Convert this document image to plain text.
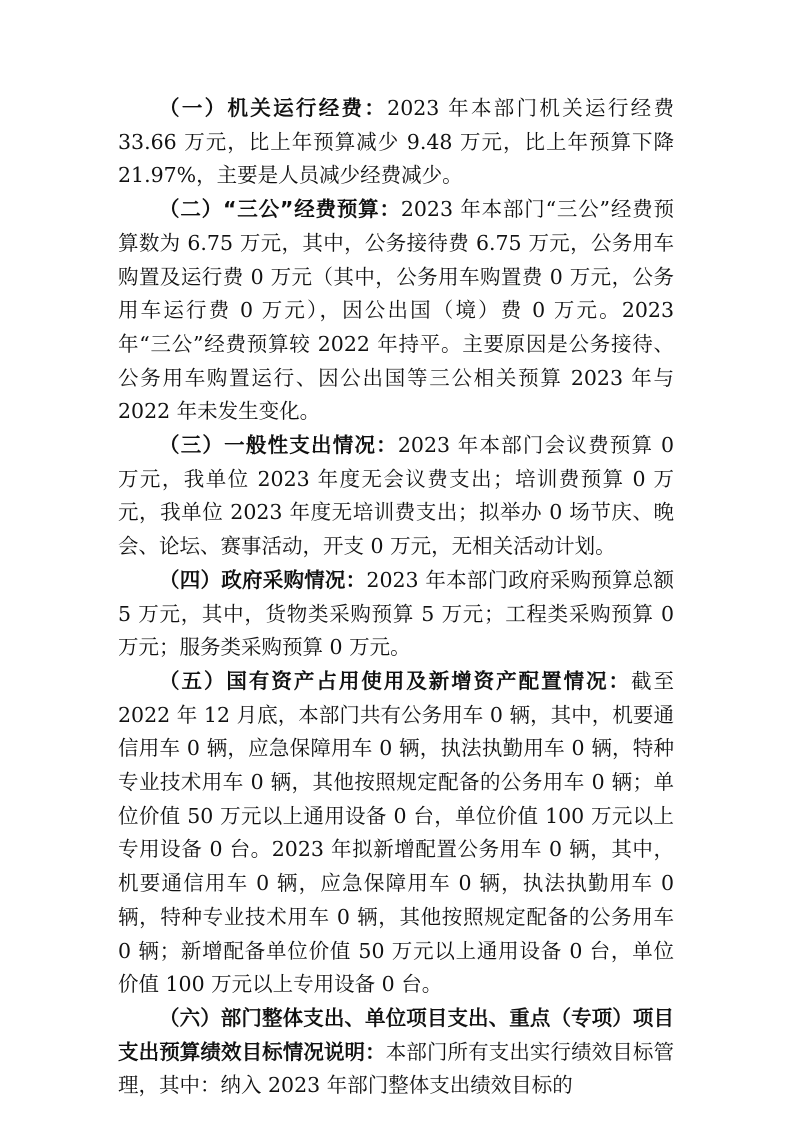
（一）机关运行经费：2023 年本部门机关运行经费 33.66 万元，比上年预算减少 9.48 万元，比上年预算下降 21.97%，主要是人员减少经费减少。

（二）“三公”经费预算：2023 年本部门“三公”经费预算数为 6.75 万元，其中，公务接待费 6.75 万元，公务用车购置及运行费 0 万元（其中，公务用车购置费 0 万元，公务用车运行费 0 万元），因公出国（境）费 0 万元。2023 年“三公”经费预算较 2022 年持平。主要原因是公务接待、公务用车购置运行、因公出国等三公相关预算 2023 年与 2022 年未发生变化。

（三）一般性支出情况：2023 年本部门会议费预算 0 万元，我单位 2023 年度无会议费支出；培训费预算 0 万元，我单位 2023 年度无培训费支出；拟举办 0 场节庆、晚会、论坛、赛事活动，开支 0 万元，无相关活动计划。

（四）政府采购情况：2023 年本部门政府采购预算总额 5 万元，其中，货物类采购预算 5 万元；工程类采购预算 0 万元；服务类采购预算 0 万元。

（五）国有资产占用使用及新增资产配置情况：截至 2022 年 12 月底，本部门共有公务用车 0 辆，其中，机要通信用车 0 辆，应急保障用车 0 辆，执法执勤用车 0 辆，特种专业技术用车 0 辆，其他按照规定配备的公务用车 0 辆；单位价值 50 万元以上通用设备 0 台，单位价值 100 万元以上专用设备 0 台。2023 年拟新增配置公务用车 0 辆，其中，机要通信用车 0 辆，应急保障用车 0 辆，执法执勤用车 0 辆，特种专业技术用车 0 辆，其他按照规定配备的公务用车 0 辆；新增配备单位价值 50 万元以上通用设备 0 台，单位价值 100 万元以上专用设备 0 台。

（六）部门整体支出、单位项目支出、重点（专项）项目支出预算绩效目标情况说明：本部门所有支出实行绩效目标管理，其中：纳入 2023 年部门整体支出绩效目标的
